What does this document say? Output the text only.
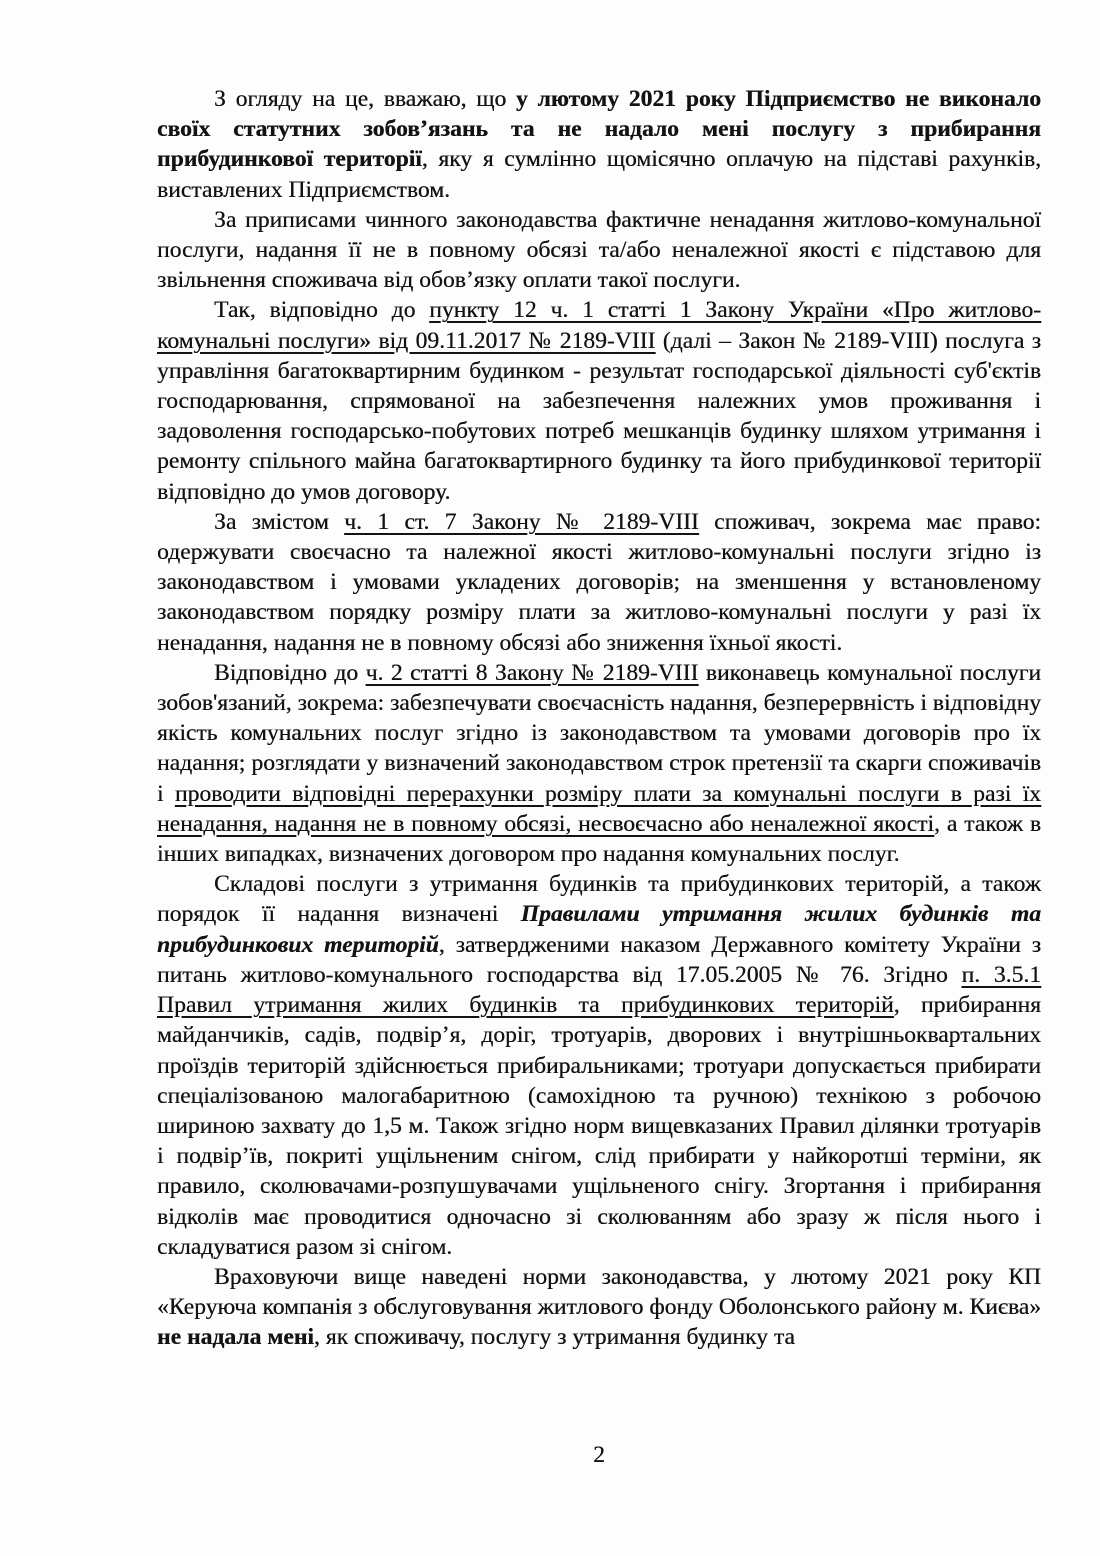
З огляду на це, вважаю, що у лютому 2021 року Підприємство не виконало своїх статутних зобов’язань та не надало мені послугу з прибирання прибудинкової території, яку я сумлінно щомісячно оплачую на підставі рахунків, виставлених Підприємством.

За приписами чинного законодавства фактичне ненадання житлово-комунальної послуги, надання її не в повному обсязі та/або неналежної якості є підставою для звільнення споживача від обов’язку оплати такої послуги.

Так, відповідно до пункту 12 ч. 1 статті 1 Закону України «Про житлово-комунальні послуги» від 09.11.2017 № 2189-VIII (далі – Закон № 2189-VIII) послуга з управління багатоквартирним будинком - результат господарської діяльності суб'єктів господарювання, спрямованої на забезпечення належних умов проживання і задоволення господарсько-побутових потреб мешканців будинку шляхом утримання і ремонту спільного майна багатоквартирного будинку та його прибудинкової території відповідно до умов договору.

За змістом ч. 1 ст. 7 Закону № 2189-VIII споживач, зокрема має право: одержувати своєчасно та належної якості житлово-комунальні послуги згідно із законодавством і умовами укладених договорів; на зменшення у встановленому законодавством порядку розміру плати за житлово-комунальні послуги у разі їх ненадання, надання не в повному обсязі або зниження їхньої якості.

Відповідно до ч. 2 статті 8 Закону № 2189-VIII виконавець комунальної послуги зобов'язаний, зокрема: забезпечувати своєчасність надання, безперервність і відповідну якість комунальних послуг згідно із законодавством та умовами договорів про їх надання; розглядати у визначений законодавством строк претензії та скарги споживачів і проводити відповідні перерахунки розміру плати за комунальні послуги в разі їх ненадання, надання не в повному обсязі, несвоєчасно або неналежної якості, а також в інших випадках, визначених договором про надання комунальних послуг.

Складові послуги з утримання будинків та прибудинкових територій, а також порядок її надання визначені Правилами утримання жилих будинків та прибудинкових територій, затвердженими наказом Державного комітету України з питань житлово-комунального господарства від 17.05.2005 № 76. Згідно п. 3.5.1 Правил утримання жилих будинків та прибудинкових територій, прибирання майданчиків, садів, подвір’я, доріг, тротуарів, дворових і внутрішньоквартальних проїздів територій здійснюється прибиральниками; тротуари допускається прибирати спеціалізованою малогабаритною (самохідною та ручною) технікою з робочою шириною захвату до 1,5 м. Також згідно норм вищевказаних Правил ділянки тротуарів і подвір’їв, покриті ущільненим снігом, слід прибирати у найкоротші терміни, як правило, сколювачами-розпушувачами ущільненого снігу. Згортання і прибирання відколів має проводитися одночасно зі сколюванням або зразу ж після нього і складуватися разом зі снігом.

Враховуючи вище наведені норми законодавства, у лютому 2021 року КП «Керуюча компанія з обслуговування житлового фонду Оболонського району м. Києва» не надала мені, як споживачу, послугу з утримання будинку та

2
